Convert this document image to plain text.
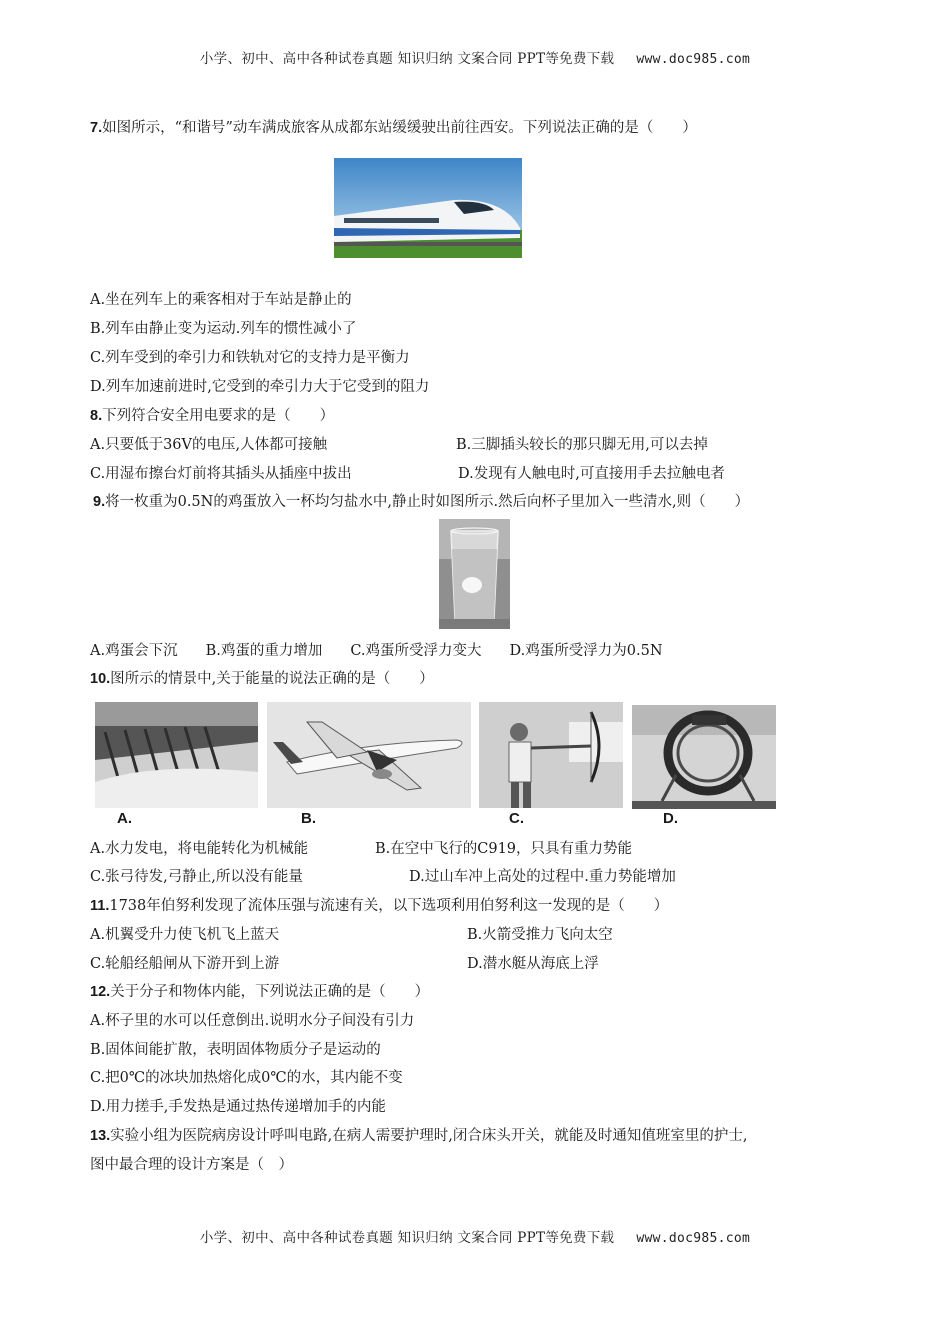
小学、初中、高中各种试卷真题 知识归纳 文案合同 PPT等免费下载 www.doc985.com
7.如图所示，“和谐号”动车满成旅客从成都东站缓缓驶出前往西安。下列说法正确的是（　　）
A.坐在列车上的乘客相对于车站是静止的
B.列车由静止变为运动.列车的惯性减小了
C.列车受到的牵引力和铁轨对它的支持力是平衡力
D.列车加速前进时,它受到的牵引力大于它受到的阻力
8.下列符合安全用电要求的是（　　）
A.只要低于36V的电压,人体都可接触	B.三脚插头较长的那只脚无用,可以去掉
C.用湿布擦台灯前将其插头从插座中拔出	D.发现有人触电时,可直接用手去拉触电者
9.将一枚重为0.5N的鸡蛋放入一杯均匀盐水中,静止时如图所示.然后向杯子里加入一些清水,则（　　）
A.鸡蛋会下沉 B.鸡蛋的重力增加 C.鸡蛋所受浮力变大 D.鸡蛋所受浮力为0.5N
10.图所示的情景中,关于能量的说法正确的是（　　）
A.	B.	C.	D.
A.水力发电，将电能转化为机械能	B.在空中飞行的C919，只具有重力势能
C.张弓待发,弓静止,所以没有能量	D.过山车冲上高处的过程中.重力势能增加
11.1738年伯努利发现了流体压强与流速有关，以下选项利用伯努利这一发现的是（　　）
A.机翼受升力使飞机飞上蓝天	B.火箭受推力飞向太空
C.轮船经船闸从下游开到上游	D.潜水艇从海底上浮
12.关于分子和物体内能，下列说法正确的是（　　）
A.杯子里的水可以任意倒出.说明水分子间没有引力
B.固体间能扩散，表明固体物质分子是运动的
C.把0℃的冰块加热熔化成0℃的水，其内能不变
D.用力搓手,手发热是通过热传递增加手的内能
13.实验小组为医院病房设计呼叫电路,在病人需要护理时,闭合床头开关，就能及时通知值班室里的护士,
图中最合理的设计方案是（　）
小学、初中、高中各种试卷真题 知识归纳 文案合同 PPT等免费下载 www.doc985.com
